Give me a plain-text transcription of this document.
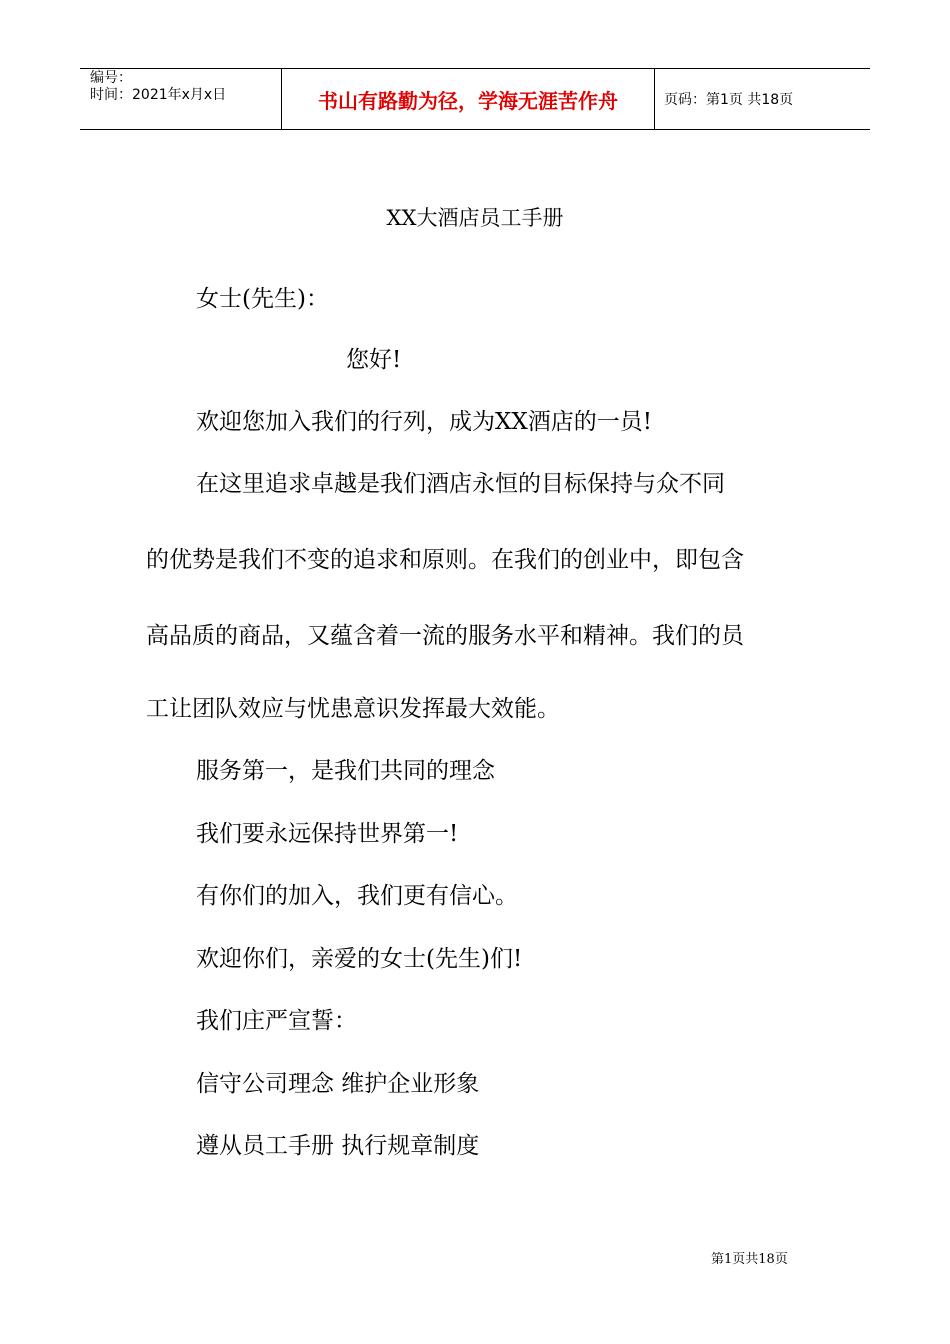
编号：
时间：2021年x月x日	书山有路勤为径，学海无涯苦作舟	页码：第1页 共18页
XX大酒店员工手册
女士(先生)：
您好!
欢迎您加入我们的行列，成为XX酒店的一员!
在这里追求卓越是我们酒店永恒的目标保持与众不同
的优势是我们不变的追求和原则。在我们的创业中，即包含
高品质的商品，又蕴含着一流的服务水平和精神。我们的员
工让团队效应与忧患意识发挥最大效能。
服务第一，是我们共同的理念
我们要永远保持世界第一!
有你们的加入，我们更有信心。
欢迎你们，亲爱的女士(先生)们!
我们庄严宣誓：
信守公司理念 维护企业形象
遵从员工手册 执行规章制度
第1页共18页
